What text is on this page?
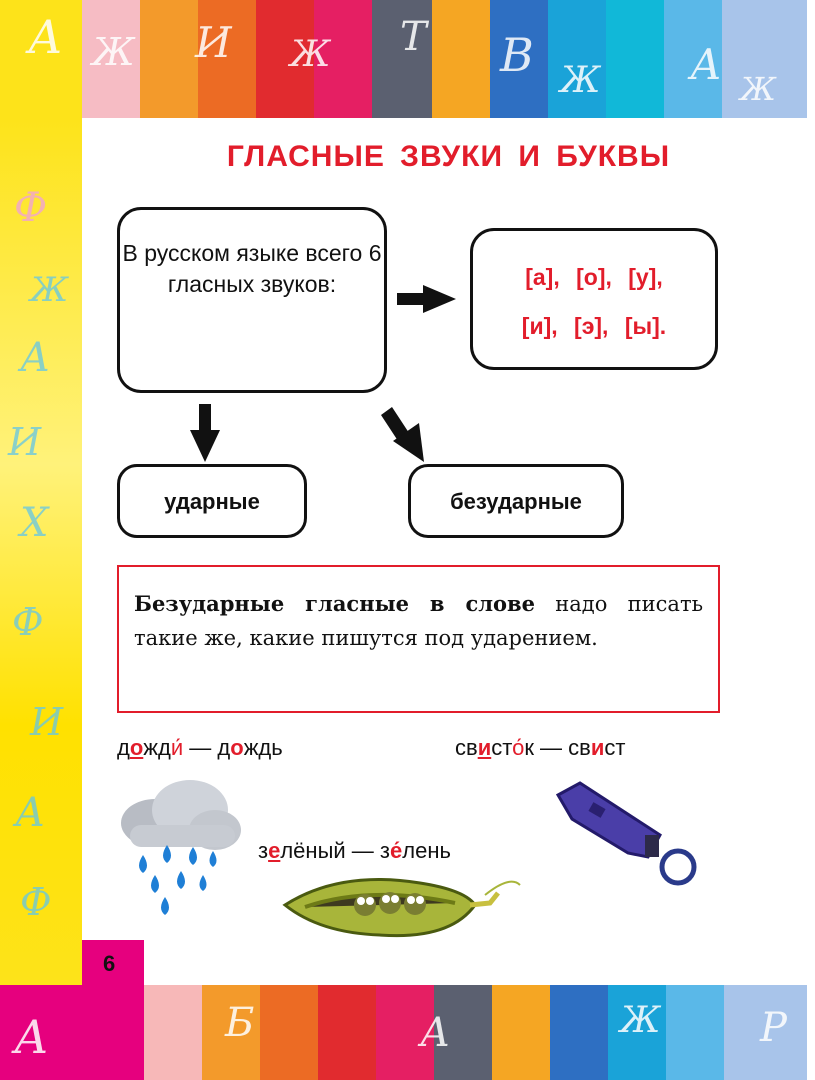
А Ж И Ж Т В Ж А Ж
Ф
Ж
А
И
Х
Ф
И
А
Ф
А	Б	А	Ж Р
6
ГЛАСНЫЕ ЗВУКИ И БУКВЫ
В русском языке всего 6 гласных звуков:	[а], [о], [у],
[и], [э], [ы].
ударные	безударные
Безударные гласные в слове надо писать такие же, какие пишутся под ударением.
дожди́ — дождь	свисто́к — свист
зелёный — зе́лень
